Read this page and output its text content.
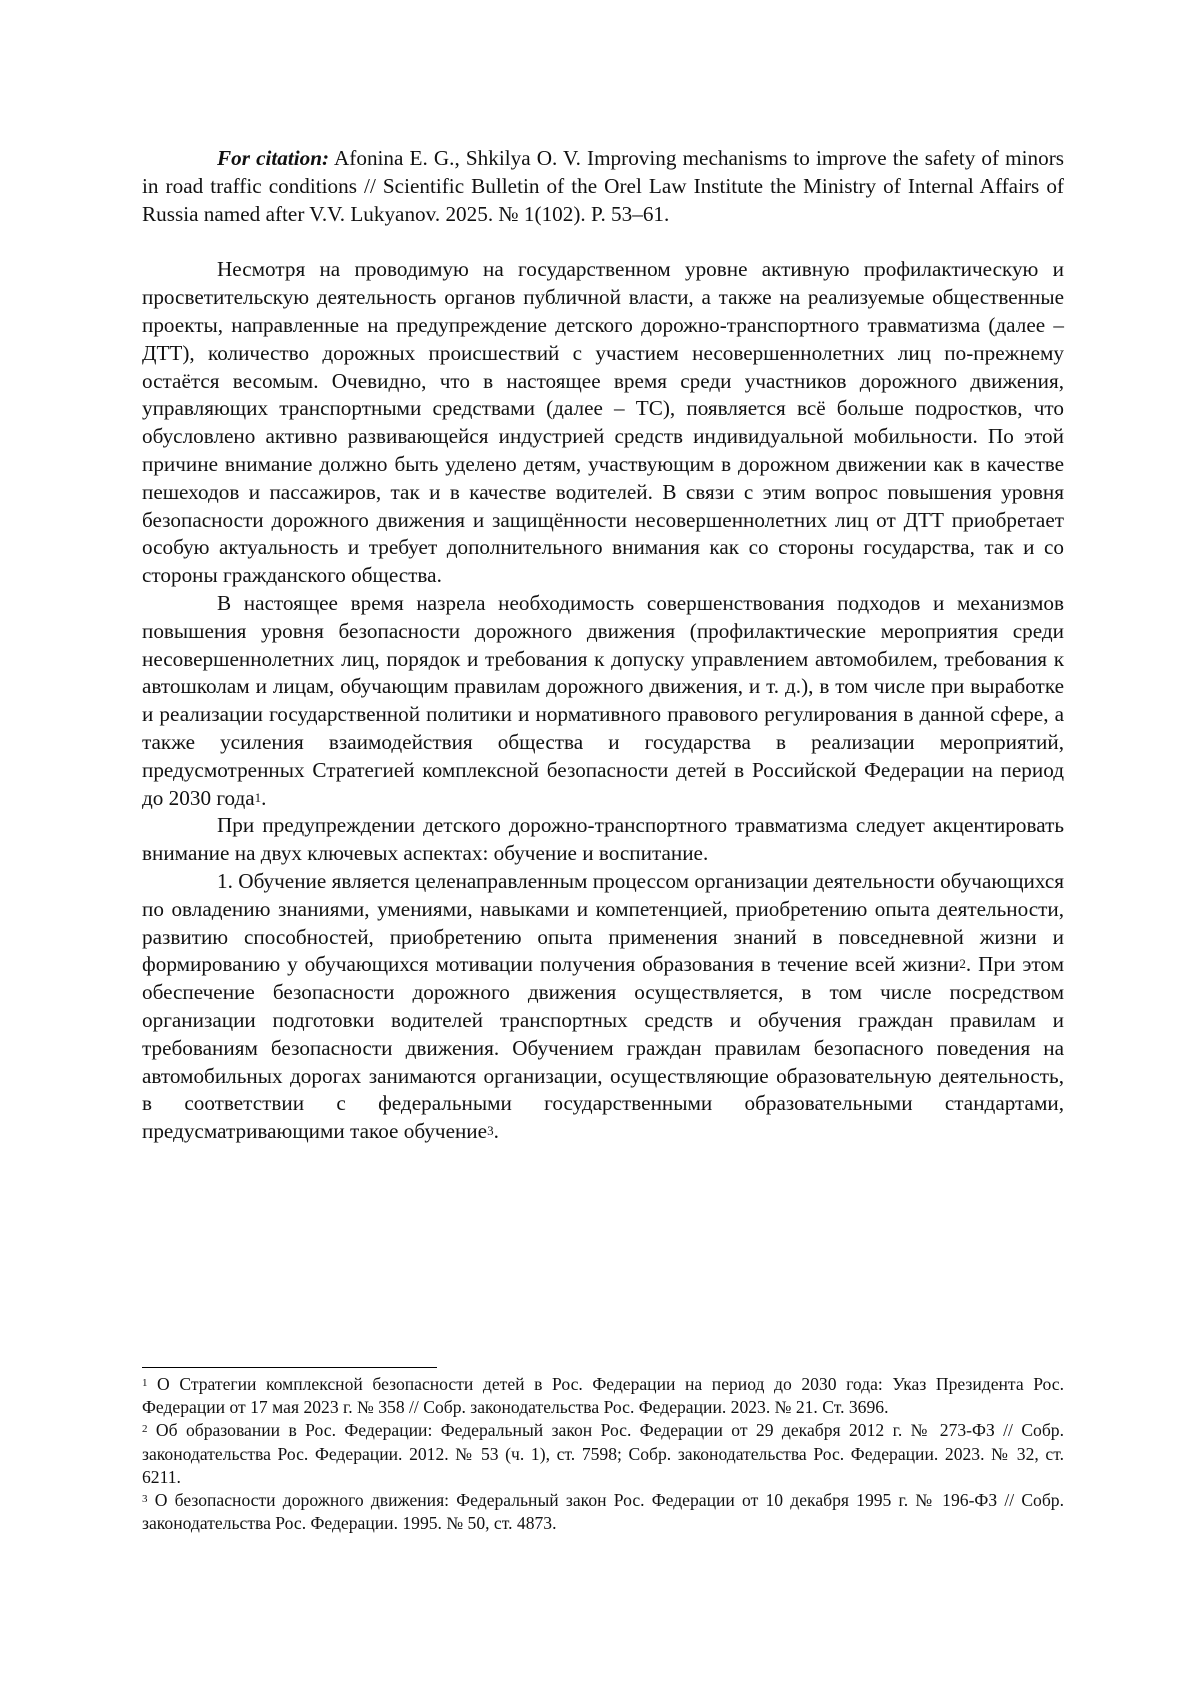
For citation: Afonina E. G., Shkilya O. V. Improving mechanisms to improve the safety of minors in road traffic conditions // Scientific Bulletin of the Orel Law Institute the Ministry of Internal Affairs of Russia named after V.V. Lukyanov. 2025. № 1(102). P. 53–61.

Несмотря на проводимую на государственном уровне активную профилактическую и просветительскую деятельность органов публичной власти, а также на реализуемые общественные проекты, направленные на предупреждение детского дорожно-транспортного травматизма (далее – ДТТ), количество дорожных происшествий с участием несовершеннолетних лиц по-прежнему остаётся весомым. Очевидно, что в настоящее время среди участников дорожного движения, управляющих транспортными средствами (далее – ТС), появляется всё больше подростков, что обусловлено активно развивающейся индустрией средств индивидуальной мобильности. По этой причине внимание должно быть уделено детям, участвующим в дорожном движении как в качестве пешеходов и пассажиров, так и в качестве водителей. В связи с этим вопрос повышения уровня безопасности дорожного движения и защищённости несовершеннолетних лиц от ДТТ приобретает особую актуальность и требует дополнительного внимания как со стороны государства, так и со стороны гражданского общества.

В настоящее время назрела необходимость совершенствования подходов и механизмов повышения уровня безопасности дорожного движения (профилактические мероприятия среди несовершеннолетних лиц, порядок и требования к допуску управлением автомобилем, требования к автошколам и лицам, обучающим правилам дорожного движения, и т. д.), в том числе при выработке и реализации государственной политики и нормативного правового регулирования в данной сфере, а также усиления взаимодействия общества и государства в реализации мероприятий, предусмотренных Стратегией комплексной безопасности детей в Российской Федерации на период до 2030 года$^1$.

При предупреждении детского дорожно-транспортного травматизма следует акцентировать внимание на двух ключевых аспектах: обучение и воспитание.

1. Обучение является целенаправленным процессом организации деятельности обучающихся по овладению знаниями, умениями, навыками и компетенцией, приобретению опыта деятельности, развитию способностей, приобретению опыта применения знаний в повседневной жизни и формированию у обучающихся мотивации получения образования в течение всей жизни$^2$. При этом обеспечение безопасности дорожного движения осуществляется, в том числе посредством организации подготовки водителей транспортных средств и обучения граждан правилам и требованиям безопасности движения. Обучением граждан правилам безопасного поведения на автомобильных дорогах занимаются организации, осуществляющие образовательную деятельность, в соответствии с федеральными государственными образовательными стандартами, предусматривающими такое обучение$^3$.

$^1$ О Стратегии комплексной безопасности детей в Рос. Федерации на период до 2030 года: Указ Президента Рос. Федерации от 17 мая 2023 г. № 358 // Собр. законодательства Рос. Федерации. 2023. № 21. Ст. 3696.

$^2$ Об образовании в Рос. Федерации: Федеральный закон Рос. Федерации от 29 декабря 2012 г. № 273-ФЗ // Собр. законодательства Рос. Федерации. 2012. № 53 (ч. 1), ст. 7598; Собр. законодательства Рос. Федерации. 2023. № 32, ст. 6211.

$^3$ О безопасности дорожного движения: Федеральный закон Рос. Федерации от 10 декабря 1995 г. № 196-ФЗ // Собр. законодательства Рос. Федерации. 1995. № 50, ст. 4873.
